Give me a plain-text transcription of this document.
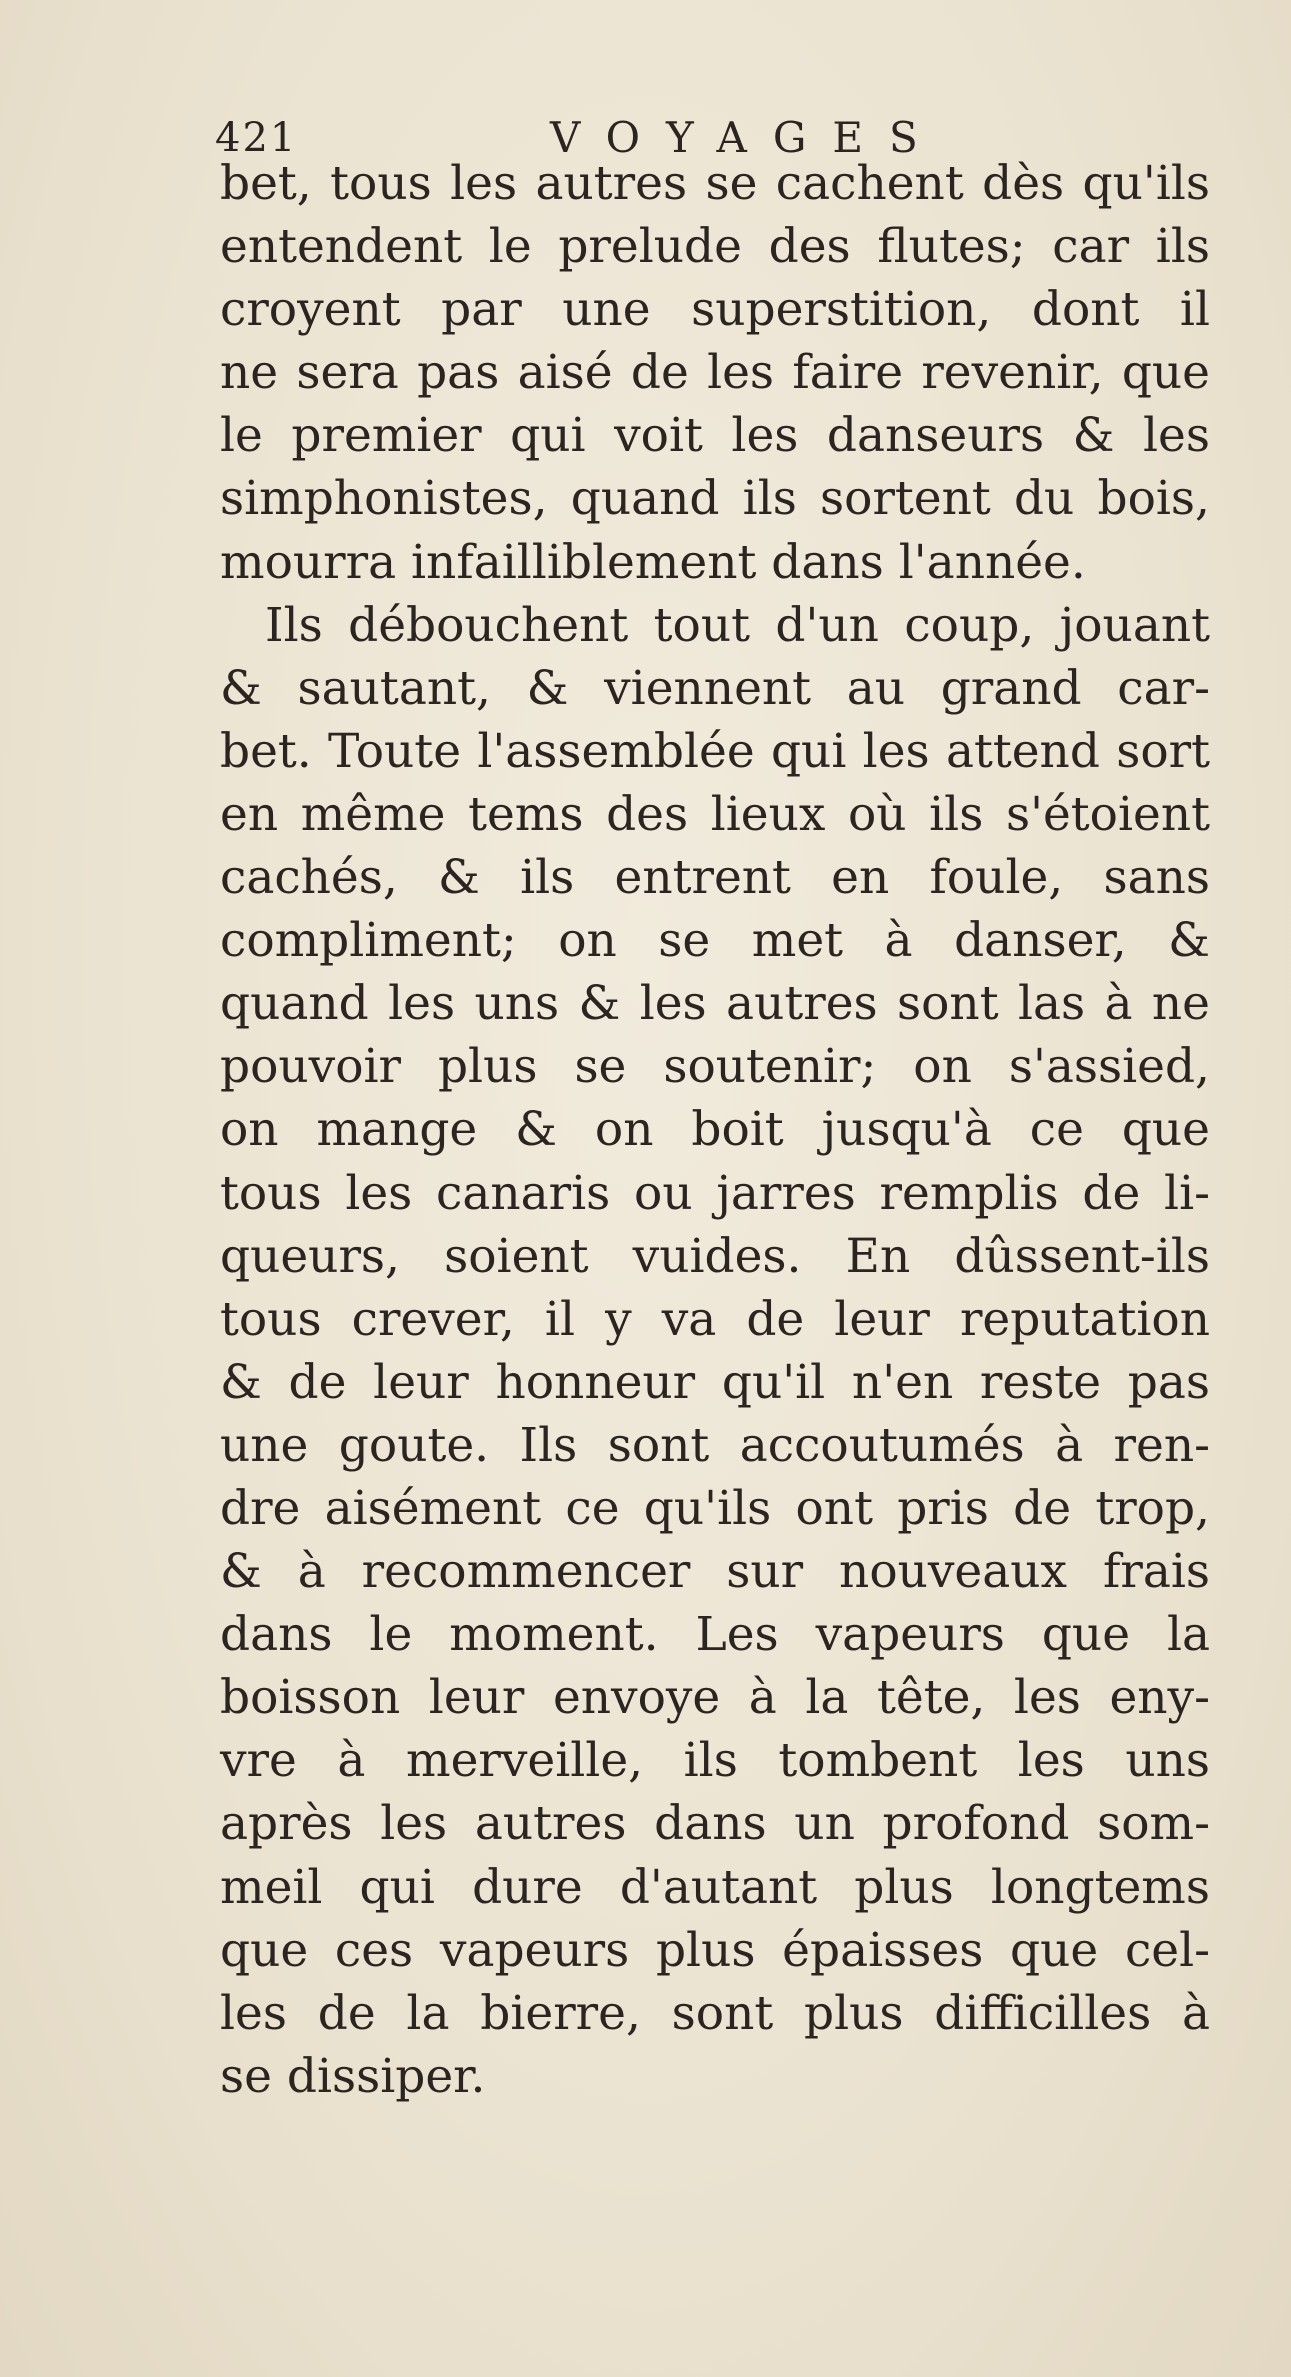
421	VOYAGES
bet, tous les autres se cachent dès qu'ils
entendent le prelude des flutes; car ils
croyent par une superstition, dont il
ne sera pas aisé de les faire revenir, que
le premier qui voit les danseurs & les
simphonistes, quand ils sortent du bois,
mourra infailliblement dans l'année.
Ils débouchent tout d'un coup, jouant
& sautant, & viennent au grand car-
bet. Toute l'assemblée qui les attend sort
en même tems des lieux où ils s'étoient
cachés, & ils entrent en foule, sans
compliment; on se met à danser, &
quand les uns & les autres sont las à ne
pouvoir plus se soutenir; on s'assied,
on mange & on boit jusqu'à ce que
tous les canaris ou jarres remplis de li-
queurs, soient vuides. En dûssent-ils
tous crever, il y va de leur reputation
& de leur honneur qu'il n'en reste pas
une goute. Ils sont accoutumés à ren-
dre aisément ce qu'ils ont pris de trop,
& à recommencer sur nouveaux frais
dans le moment. Les vapeurs que la
boisson leur envoye à la tête, les eny-
vre à merveille, ils tombent les uns
après les autres dans un profond som-
meil qui dure d'autant plus longtems
que ces vapeurs plus épaisses que cel-
les de la bierre, sont plus difficilles à
se dissiper.
